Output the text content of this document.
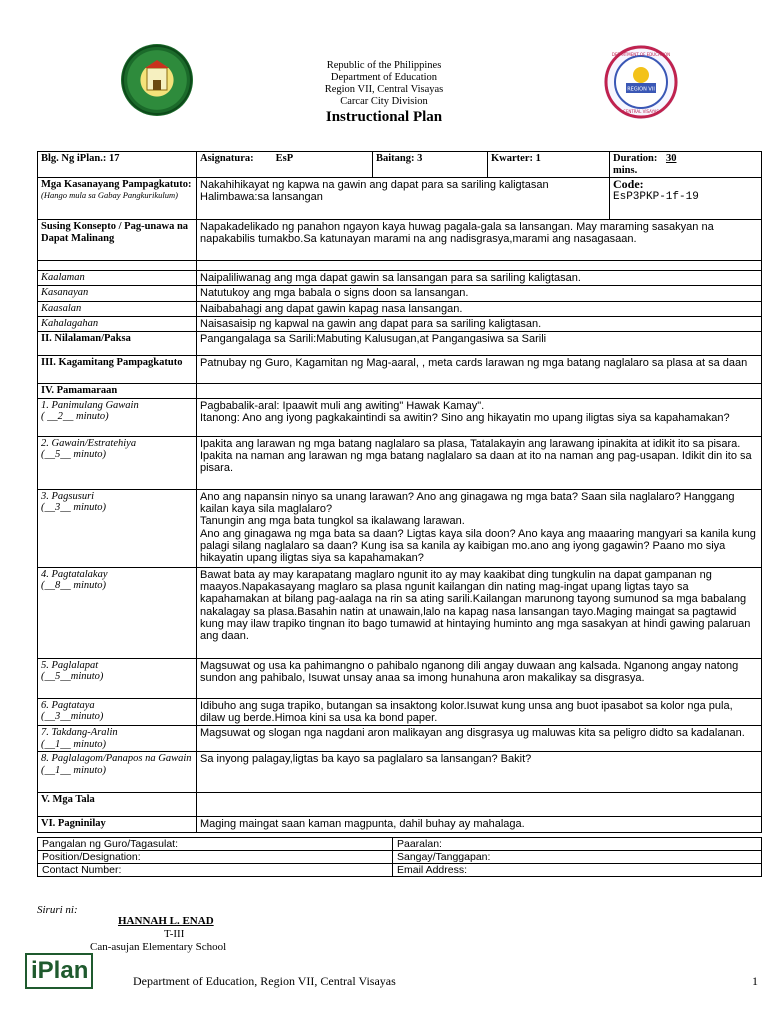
Republic of the Philippines
Department of Education
Region VII, Central Visayas
Carcar City Division
Instructional Plan
REGION VII
DEPARTMENT OF EDUCATION
CENTRAL VISAYAS
Blg. Ng iPlan.: 17	Asignatura: EsP	Baitang: 3	Kwarter: 1	Duration: 30
mins.

Mga Kasanayang Pampagkatuto:
(Hango mula sa Gabay Pangkurikulum)	Nakahihikayat ng kapwa na gawin ang dapat para sa sariling kaligtasan
Halimbawa:sa lansangan			Code:
EsP3PKP-1f-19

Susing Konsepto / Pag-unawa na Dapat Malinang	Napakadelikado ng panahon ngayon kaya huwag pagala-gala sa lansangan. May maraming sasakyan na napakabilis tumakbo.Sa katunayan marami na ang nadisgrasya,marami ang nasagasaan.			

Kaalaman	Naipaliliwanag ang mga dapat gawin sa lansangan para sa sariling kaligtasan.			
Kasanayan	Natutukoy ang mga babala o signs doon sa lansangan.			
Kaasalan	Naibabahagi ang dapat gawin kapag nasa lansangan.			
Kahalagahan	Naisasaisip ng kapwal na gawin ang dapat para sa sariling kaligtasan.			
II. Nilalaman/Paksa	Pangangalaga sa Sarili:Mabuting Kalusugan,at Pangangasiwa sa Sarili			
III. Kagamitang Pampagkatuto	Patnubay ng Guro, Kagamitan ng Mag-aaral, , meta cards larawan ng mga batang naglalaro sa plasa at sa daan			
IV. Pamamaraan				

1. Panimulang Gawain
( __2__ minuto)	Pagbabalik-aral: Ipaawit muli ang awiting" Hawak Kamay".
Itanong: Ano ang iyong pagkakaintindi sa awitin? Sino ang hikayatin mo upang iligtas siya sa kapahamakan?			

2. Gawain/Estratehiya
(__5__ minuto)	Ipakita ang larawan ng mga batang naglalaro sa plasa, Tatalakayin ang larawang ipinakita at idikit ito sa pisara.
Ipakita na naman ang larawan ng mga batang naglalaro sa daan at ito na naman ang pag-usapan. Idikit din ito sa pisara.			

3. Pagsusuri
(__3__ minuto)	Ano ang napansin ninyo sa unang larawan? Ano ang ginagawa ng mga bata? Saan sila naglalaro? Hanggang kailan kaya sila maglalaro?
Tanungin ang mga bata tungkol sa ikalawang larawan.
Ano ang ginagawa ng mga bata sa daan? Ligtas kaya sila doon? Ano kaya ang maaaring mangyari sa kanila kung palagi silang naglalaro sa daan? Kung isa sa kanila ay kaibigan mo.ano ang iyong gagawin? Paano mo siya hikayatin upang iligtas siya sa kapahamakan?			

4. Pagtatalakay
(__8__ minuto)	Bawat bata ay may karapatang maglaro ngunit ito ay may kaakibat ding tungkulin na dapat gampanan ng maayos.Napakasayang maglaro sa plasa ngunit kailangan din nating mag-ingat upang ligtas tayo sa kapahamakan at bilang pag-aalaga na rin sa ating sarili.Kailangan marunong tayong sumunod sa mga babalang nakalagay sa plasa.Basahin natin at unawain,lalo na kapag nasa lansangan tayo.Maging maingat sa pagtawid kung may ilaw trapiko tingnan ito bago tumawid at hintaying huminto ang mga sasakyan at hindi gawing palaruan ang daan.			

5. Paglalapat
(__5__minuto)	Magsuwat og usa ka pahimangno o pahibalo nganong dili angay duwaan ang kalsada. Nganong angay natong sundon ang pahibalo, Isuwat unsay anaa sa imong hunahuna aron makalikay sa disgrasya.			

6. Pagtataya
(__3__minuto)	Idibuho ang suga trapiko, butangan sa insaktong kolor.Isuwat kung unsa ang buot ipasabot sa kolor nga pula, dilaw ug berde.Himoa kini sa usa ka bond paper.			

7. Takdang-Aralin
(__1__ minuto)	Magsuwat og slogan nga nagdani aron malikayan ang disgrasya ug maluwas kita sa peligro didto sa kadalanan.			

8. Paglalagom/Panapos na Gawain
(__1__ minuto)	Sa inyong palagay,ligtas ba kayo sa paglalaro sa lansangan? Bakit?			

V. Mga Tala				
VI. Pagninilay	Maging maingat saan kaman magpunta, dahil buhay ay mahalaga.			
Pangalan ng Guro/Tagasulat:	Paaralan:
Position/Designation:	Sangay/Tanggapan:
Contact Number:	Email Address:
Siruri ni:
HANNAH L. ENAD
T-III
Can-asujan Elementary School
iPlan	Department of Education, Region VII, Central Visayas	1
